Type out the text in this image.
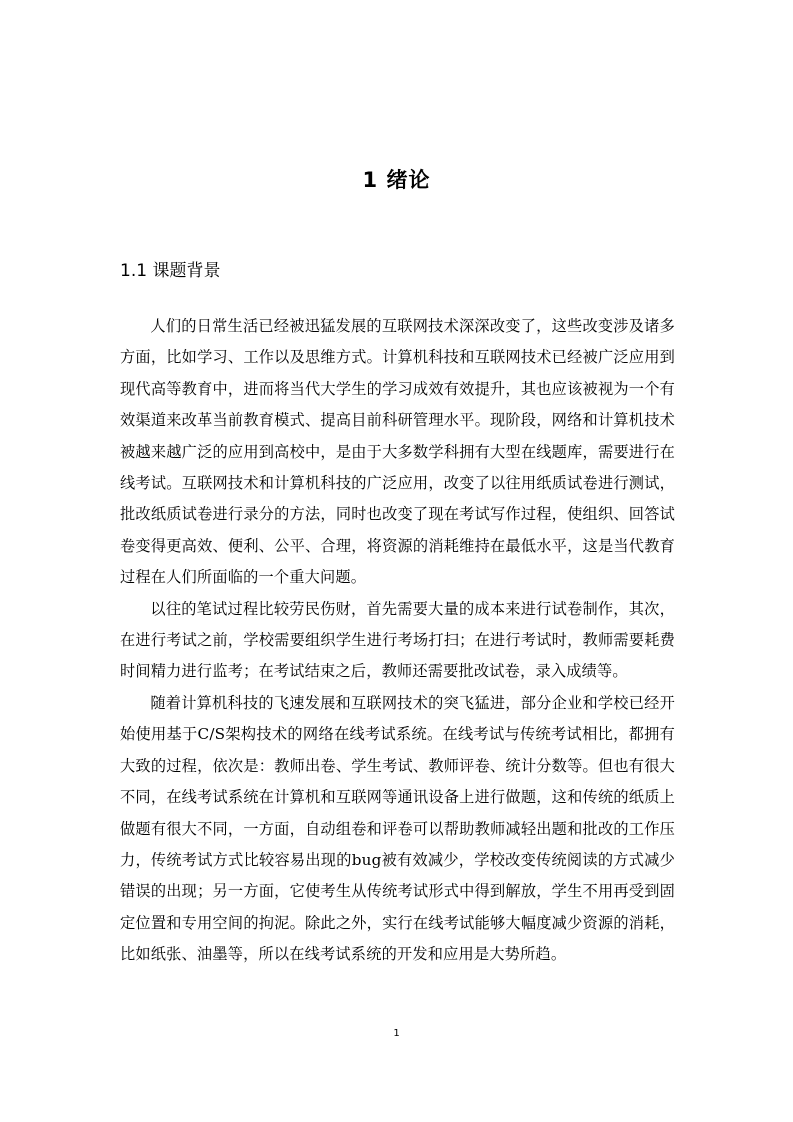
1 绪论
1.1 课题背景

人们的日常生活已经被迅猛发展的互联网技术深深改变了，这些改变涉及诸多方面，比如学习、工作以及思维方式。计算机科技和互联网技术已经被广泛应用到现代高等教育中，进而将当代大学生的学习成效有效提升，其也应该被视为一个有效渠道来改革当前教育模式、提高目前科研管理水平。现阶段，网络和计算机技术被越来越广泛的应用到高校中，是由于大多数学科拥有大型在线题库，需要进行在线考试。互联网技术和计算机科技的广泛应用，改变了以往用纸质试卷进行测试，批改纸质试卷进行录分的方法，同时也改变了现在考试写作过程，使组织、回答试卷变得更高效、便利、公平、合理，将资源的消耗维持在最低水平，这是当代教育过程在人们所面临的一个重大问题。

以往的笔试过程比较劳民伤财，首先需要大量的成本来进行试卷制作，其次，在进行考试之前，学校需要组织学生进行考场打扫；在进行考试时，教师需要耗费时间精力进行监考；在考试结束之后，教师还需要批改试卷，录入成绩等。

随着计算机科技的飞速发展和互联网技术的突飞猛进，部分企业和学校已经开始使用基于C/S架构技术的网络在线考试系统。在线考试与传统考试相比，都拥有大致的过程，依次是：教师出卷、学生考试、教师评卷、统计分数等。但也有很大不同，在线考试系统在计算机和互联网等通讯设备上进行做题，这和传统的纸质上做题有很大不同，一方面，自动组卷和评卷可以帮助教师减轻出题和批改的工作压力，传统考试方式比较容易出现的bug被有效减少，学校改变传统阅读的方式减少错误的出现；另一方面，它使考生从传统考试形式中得到解放，学生不用再受到固定位置和专用空间的拘泥。除此之外，实行在线考试能够大幅度减少资源的消耗，比如纸张、油墨等，所以在线考试系统的开发和应用是大势所趋。

1
